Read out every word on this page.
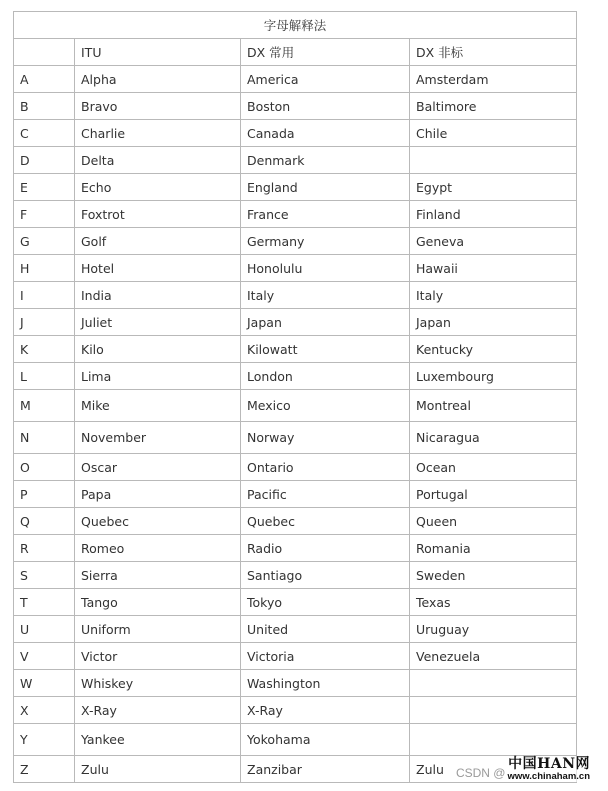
字母解释法			
	ITU	DX 常用	DX 非标
A	Alpha	America	Amsterdam
B	Bravo	Boston	Baltimore
C	Charlie	Canada	Chile
D	Delta	Denmark	
E	Echo	England	Egypt
F	Foxtrot	France	Finland
G	Golf	Germany	Geneva
H	Hotel	Honolulu	Hawaii
I	India	Italy	Italy
J	Juliet	Japan	Japan
K	Kilo	Kilowatt	Kentucky
L	Lima	London	Luxembourg
M	Mike	Mexico	Montreal
N	November	Norway	Nicaragua
O	Oscar	Ontario	Ocean
P	Papa	Pacific	Portugal
Q	Quebec	Quebec	Queen
R	Romeo	Radio	Romania
S	Sierra	Santiago	Sweden
T	Tango	Tokyo	Texas
U	Uniform	United	Uruguay
V	Victor	Victoria	Venezuela
W	Whiskey	Washington	
X	X-Ray	X-Ray	
Y	Yankee	Yokohama	
Z	Zulu	Zanzibar	Zulu CSDN @
中国HAN网
www.chinaham.cn
